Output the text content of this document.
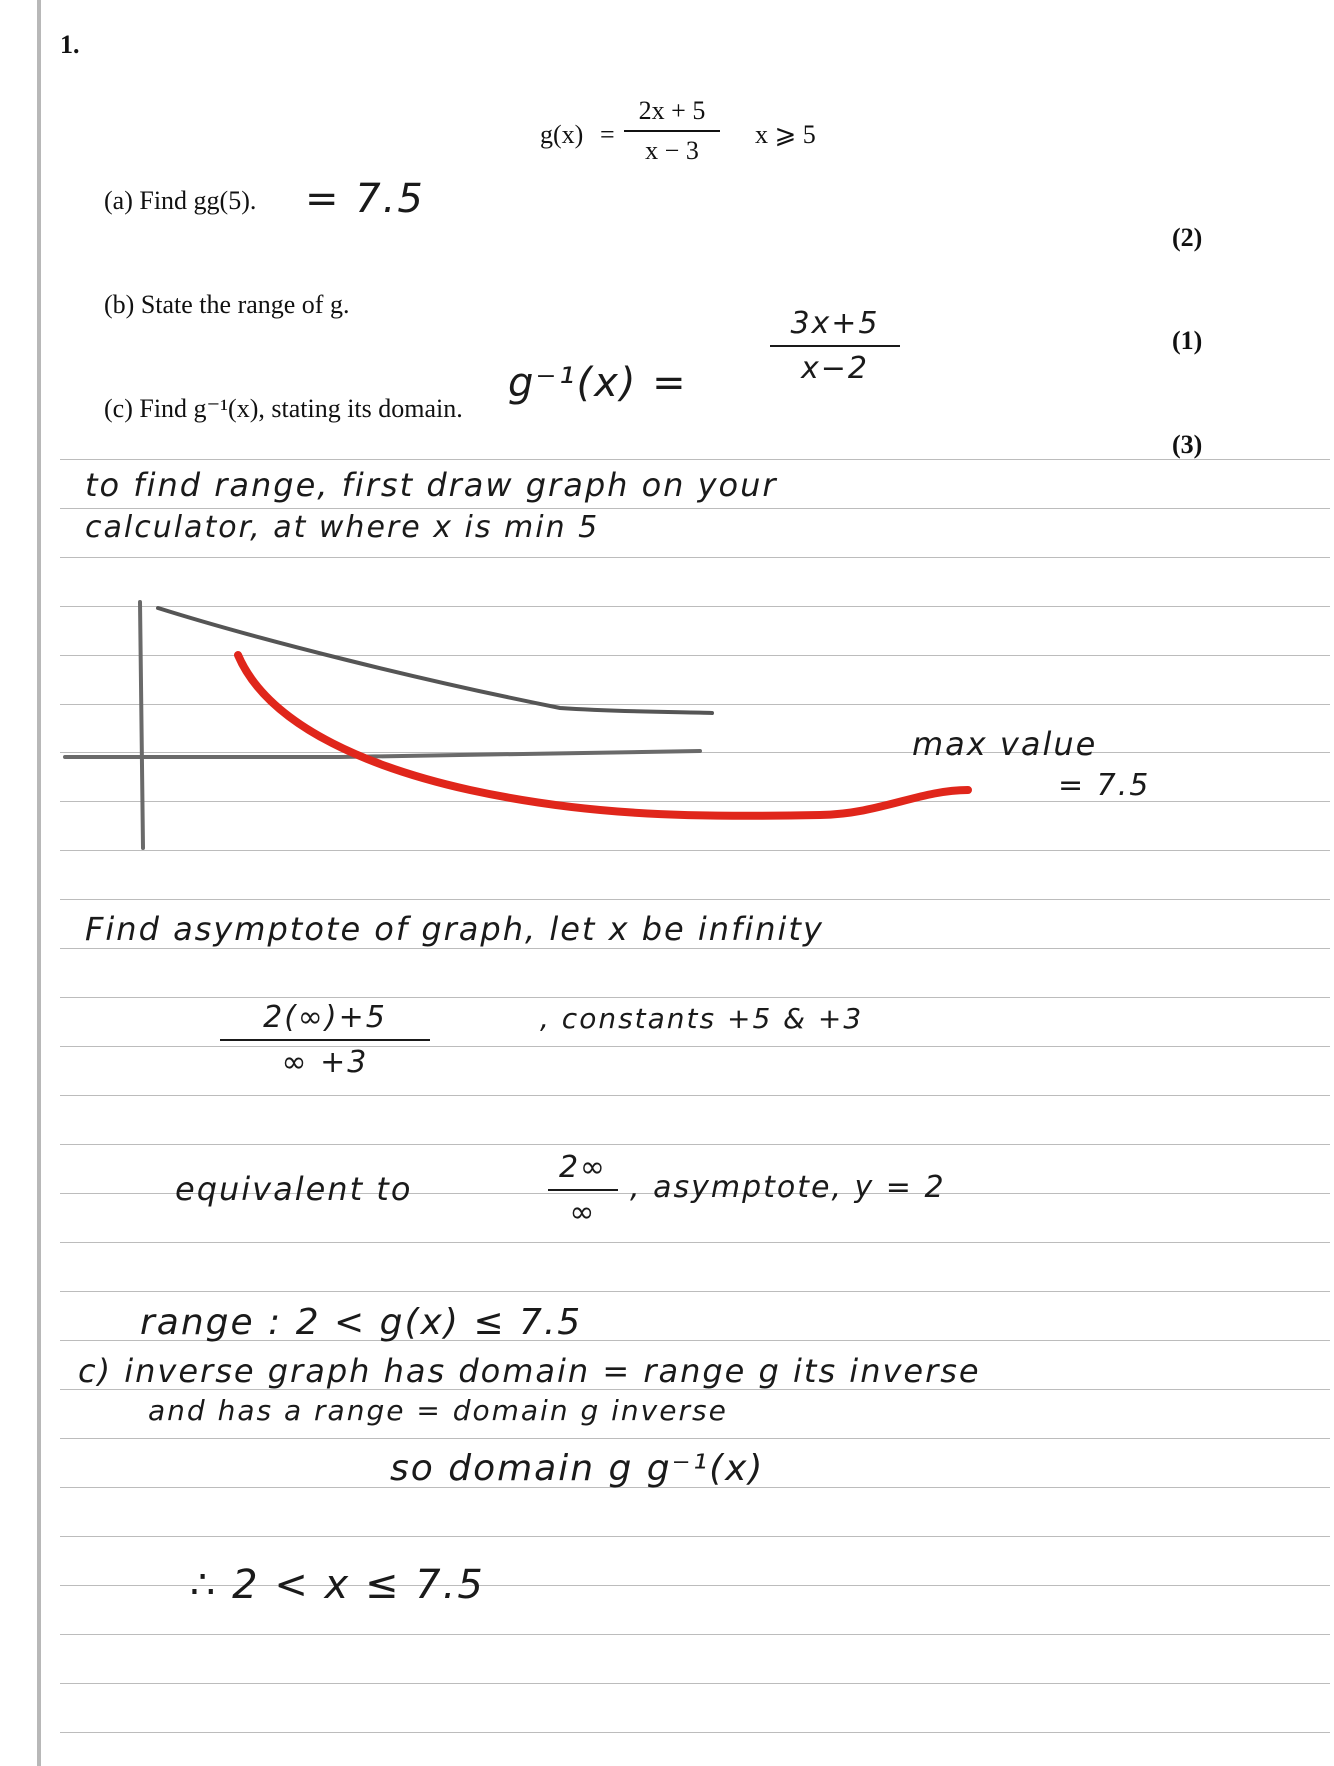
1.
g(x) =
2x + 5
x − 3
x ⩾ 5
(a) Find gg(5).
(2)
(b) State the range of g.
(1)
(c) Find g⁻¹(x), stating its domain.
(3)
= 7.5
g⁻¹(x) =
3x+5
x−2
to find range, first draw graph on your
calculator, at where x is min 5
max value
= 7.5
Find asymptote of graph, let x be infinity
2(∞)+5
∞ +3
, constants +5 & +3
equivalent to
2∞
∞
, asymptote, y = 2
range : 2 < g(x) ≤ 7.5
c) inverse graph has domain = range g its inverse
and has a range = domain g inverse
so domain g g⁻¹(x)
∴ 2 < x ≤ 7.5
